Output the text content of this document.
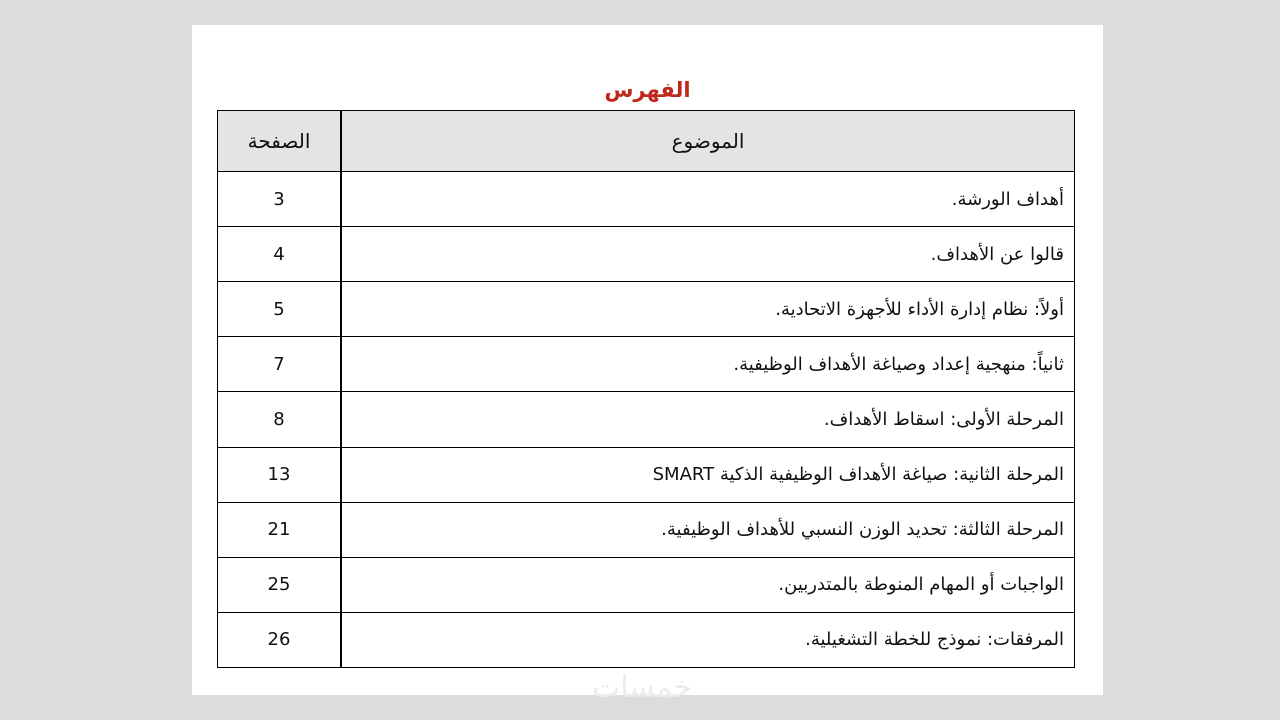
الفهرس
الموضوع	الصفحة
أهداف الورشة.	3
قالوا عن الأهداف.	4
أولاً: نظام إدارة الأداء للأجهزة الاتحادية.	5
ثانياً: منهجية إعداد وصياغة الأهداف الوظيفية.	7
المرحلة الأولى: اسقاط الأهداف.	8
المرحلة الثانية: صياغة الأهداف الوظيفية الذكية SMART	13
المرحلة الثالثة: تحديد الوزن النسبي للأهداف الوظيفية.	21
الواجبات أو المهام المنوطة بالمتدربين.	25
المرفقات: نموذج للخطة التشغيلية.	26
خمسات
